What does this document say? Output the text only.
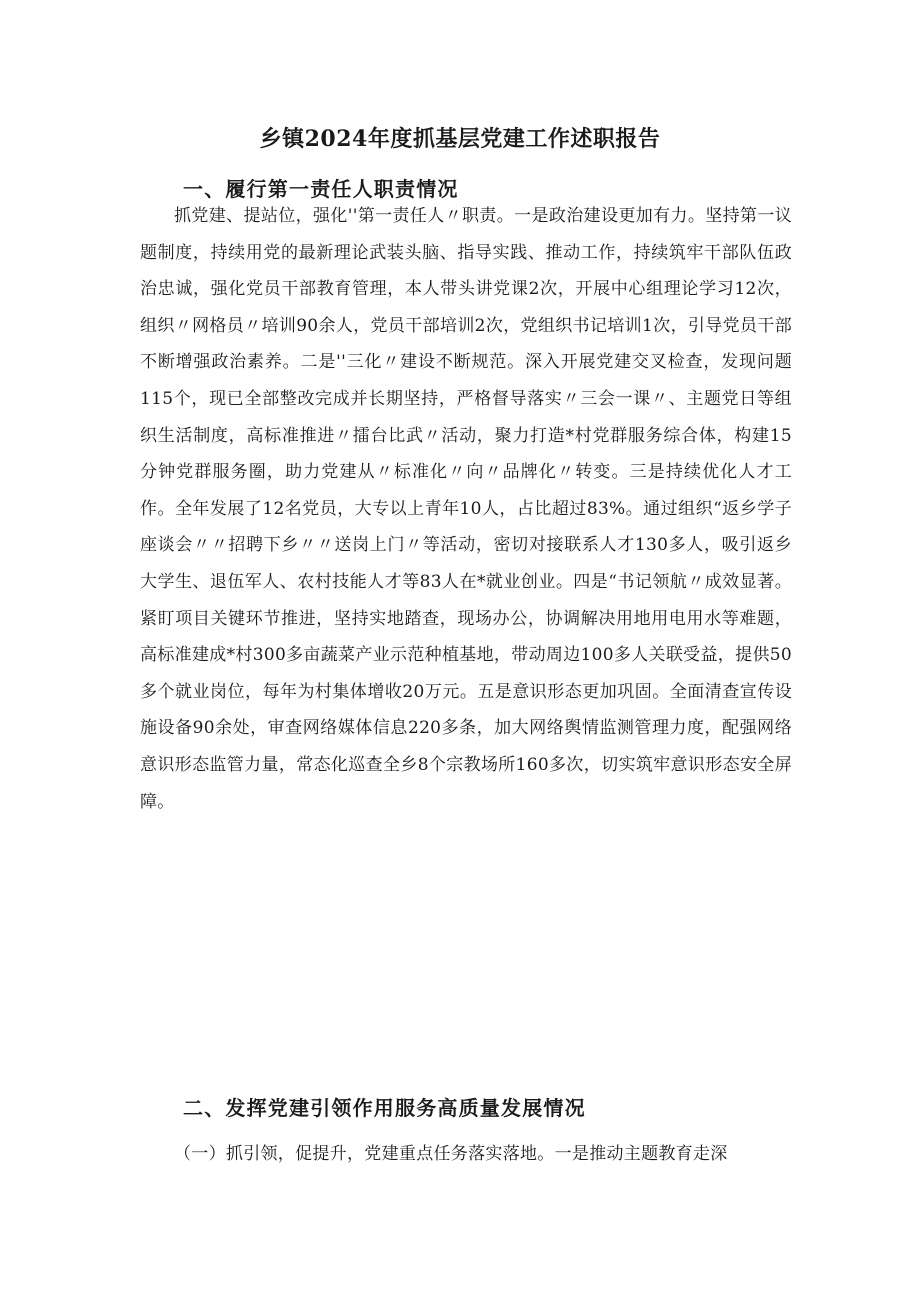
乡镇2024年度抓基层党建工作述职报告
一、履行第一责任人职责情况

抓党建、提站位，强化''第一责任人〃职责。一是政治建设更加有力。坚持第一议题制度，持续用党的最新理论武装头脑、指导实践、推动工作，持续筑牢干部队伍政治忠诚，强化党员干部教育管理，本人带头讲党课2次，开展中心组理论学习12次，组织〃网格员〃培训90余人，党员干部培训2次，党组织书记培训1次，引导党员干部不断增强政治素养。二是''三化〃建设不断规范。深入开展党建交叉检查，发现问题115个，现已全部整改完成并长期坚持，严格督导落实〃三会一课〃、主题党日等组织生活制度，高标准推进〃擂台比武〃活动，聚力打造*村党群服务综合体，构建15分钟党群服务圈，助力党建从〃标准化〃向〃品牌化〃转变。三是持续优化人才工作。全年发展了12名党员，大专以上青年10人，占比超过83%。通过组织“返乡学子座谈会〃〃招聘下乡〃〃送岗上门〃等活动，密切对接联系人才130多人，吸引返乡大学生、退伍军人、农村技能人才等83人在*就业创业。四是“书记领航〃成效显著。紧盯项目关键环节推进，坚持实地踏查，现场办公，协调解决用地用电用水等难题，高标准建成*村300多亩蔬菜产业示范种植基地，带动周边100多人关联受益，提供50多个就业岗位，每年为村集体增收20万元。五是意识形态更加巩固。全面清查宣传设施设备90余处，审查网络媒体信息220多条，加大网络舆情监测管理力度，配强网络意识形态监管力量，常态化巡查全乡8个宗教场所160多次，切实筑牢意识形态安全屏障。

二、发挥党建引领作用服务高质量发展情况

（一）抓引领，促提升，党建重点任务落实落地。一是推动主题教育走深
